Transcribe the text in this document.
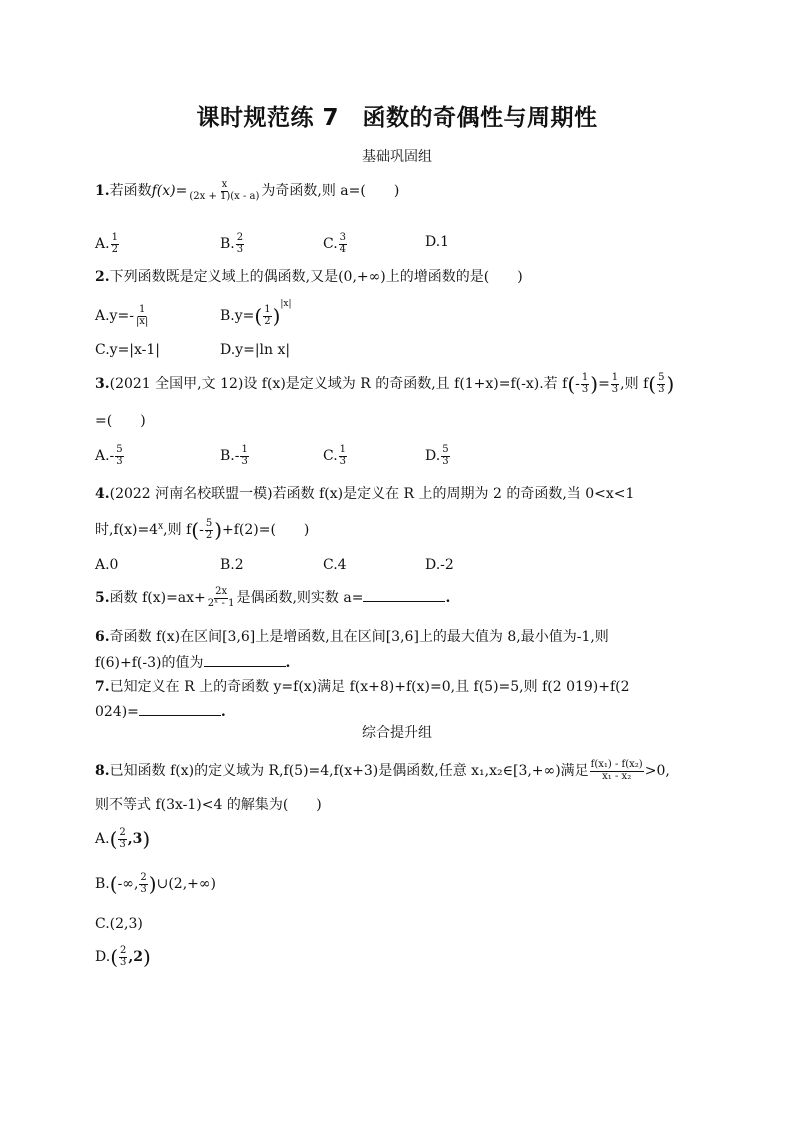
课时规范练 7　函数的奇偶性与周期性
基础巩固组
1.若函数$f(x)= \frac{x}{(2x + 1)(x - a)}$ 为奇函数,则 a=(　　)
A. $\frac{1}{2}$	B. $\frac{2}{3}$	C. $\frac{3}{4}$	D.1
2.下列函数既是定义域上的偶函数,又是(0,+∞)上的增函数的是(　　)
$A.y=- \frac{1}{|x|}$	$B.y=( \frac{1}{2} )^{|x|}$
C.y=|x-1|	D.y=|ln x|
3.(2021 全国甲,文 12)设 f(x)是定义域为 R 的奇函数,且 f(1+x)=f(-x).若 $f(- \frac{1}{3}$ )= $\frac{1}{3}$ ,则 $f( \frac{5}{3}$ )
=(　　)
$A.- \frac{5}{3}$	$B.- \frac{1}{3}$	C. $\frac{1}{3}$	D. $\frac{5}{3}$
4.(2022 河南名校联盟一模)若函数 f(x)是定义在 R 上的周期为 2 的奇函数,当 0<x<1
时$,f(x)=4^x$,则 $f(- \frac{5}{2} )+f(2)=$(　　)
A.0	B.2	C.4	D.-2
5.函数 $f(x)=ax+ \frac{2x}{\text{2ˣ - 1}}$ 是偶函数,则实数 a=	.
6.奇函数 f(x)在区间[3,6]上是增函数,且在区间[3,6]上的最大值为 8,最小值为-1,则
f(6)+f(-3)的值为	.
7.已知定义在 R 上的奇函数 y=f(x)满足 f(x+8)+f(x)=0,且 f(5)=5,则 f(2 019)+f(2
024)=	.
综合提升组
8.已知函数 f(x)的定义域为 R,f(5)=4,f(x+3)是偶函数,任意 x₁,x₂∈[3,+∞)满足 $\frac{\text{f(x₁) - f(x₂)}}{\text{x₁ - x₂}} >0$,
则不等式 f(3x-1)<4 的解集为(　　)
$A.( \frac{2}{3} ,3)$
B.(-∞, $\frac{2}{3}$ )∪(2,+∞)
C.(2,3)
$D.( \frac{2}{3} ,2)$
